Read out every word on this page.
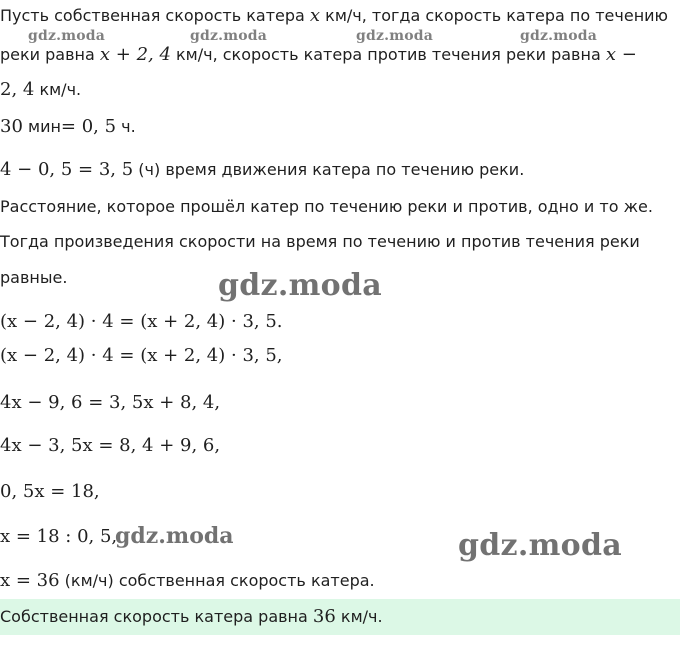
Пусть собственная скорость катера x км/ч, тогда скорость катера по течению
gdz.moda	gdz.moda	gdz.moda	gdz.moda
реки равна x + 2, 4 км/ч, скорость катера против течения реки равна x −
2, 4 км/ч.
30 мин= 0, 5 ч.
4 − 0, 5 = 3, 5 (ч) время движения катера по течению реки.
Расстояние, которое прошёл катер по течению реки и против, одно и то же.
Тогда произведения скорости на время по течению и против течения реки
равные.	gdz.moda
(x − 2, 4) · 4 = (x + 2, 4) · 3, 5.
(x − 2, 4) · 4 = (x + 2, 4) · 3, 5,
4x − 9, 6 = 3, 5x + 8, 4,
4x − 3, 5x = 8, 4 + 9, 6,
0, 5x = 18,
x = 18 : 0, 5,
gdz.moda	gdz.moda
x = 36 (км/ч) собственная скорость катера.
Собственная скорость катера равна 36 км/ч.
